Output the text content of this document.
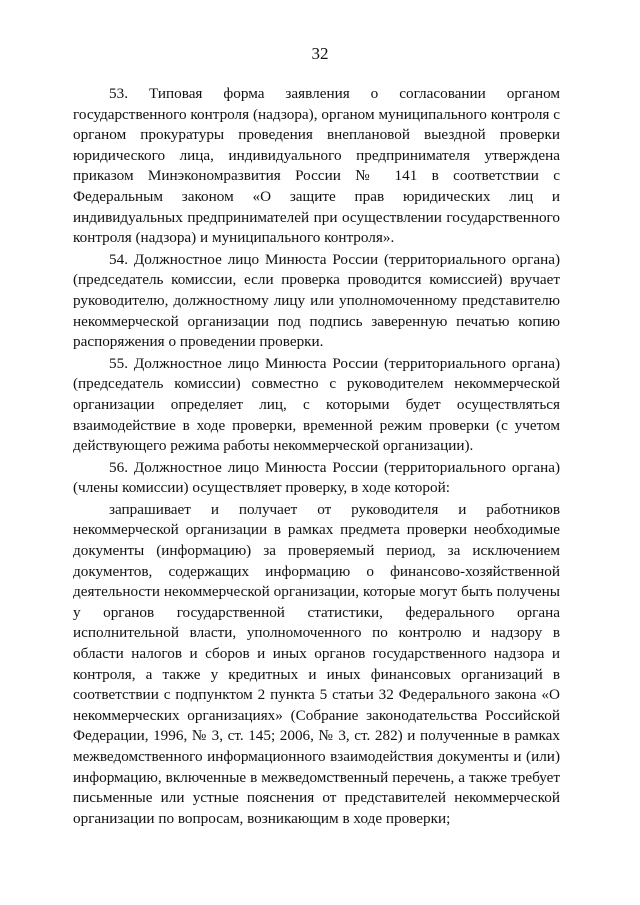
32

53. Типовая форма заявления о согласовании органом государственного контроля (надзора), органом муниципального контроля с органом прокуратуры проведения внеплановой выездной проверки юридического лица, индивидуального предпринимателя утверждена приказом Минэкономразвития России № 141 в соответствии с Федеральным законом «О защите прав юридических лиц и индивидуальных предпринимателей при осуществлении государственного контроля (надзора) и муниципального контроля».

54. Должностное лицо Минюста России (территориального органа) (председатель комиссии, если проверка проводится комиссией) вручает руководителю, должностному лицу или уполномоченному представителю некоммерческой организации под подпись заверенную печатью копию распоряжения о проведении проверки.

55. Должностное лицо Минюста России (территориального органа) (председатель комиссии) совместно с руководителем некоммерческой организации определяет лиц, с которыми будет осуществляться взаимодействие в ходе проверки, временной режим проверки (с учетом действующего режима работы некоммерческой организации).

56. Должностное лицо Минюста России (территориального органа) (члены комиссии) осуществляет проверку, в ходе которой:

запрашивает и получает от руководителя и работников некоммерческой организации в рамках предмета проверки необходимые документы (информацию) за проверяемый период, за исключением документов, содержащих информацию о финансово-хозяйственной деятельности некоммерческой организации, которые могут быть получены у органов государственной статистики, федерального органа исполнительной власти, уполномоченного по контролю и надзору в области налогов и сборов и иных органов государственного надзора и контроля, а также у кредитных и иных финансовых организаций в соответствии с подпунктом 2 пункта 5 статьи 32 Федерального закона «О некоммерческих организациях» (Собрание законодательства Российской Федерации, 1996, № 3, ст. 145; 2006, № 3, ст. 282) и полученные в рамках межведомственного информационного взаимодействия документы и (или) информацию, включенные в межведомственный перечень, а также требует письменные или устные пояснения от представителей некоммерческой организации по вопросам, возникающим в ходе проверки;
